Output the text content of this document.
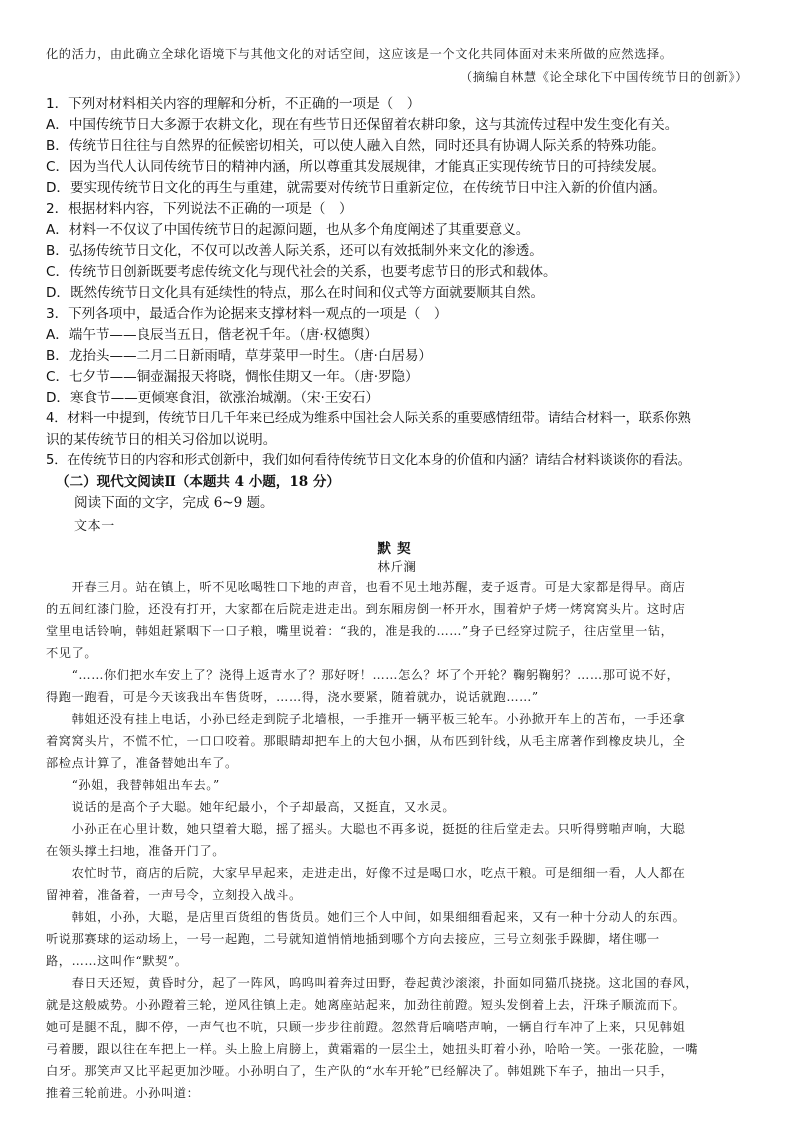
化的活力，由此确立全球化语境下与其他文化的对话空间，这应该是一个文化共同体面对未来所做的应然选择。
（摘编自林慧《论全球化下中国传统节日的创新》）
1．下列对材料相关内容的理解和分析，不正确的一项是（　）
A．中国传统节日大多源于农耕文化，现在有些节日还保留着农耕印象，这与其流传过程中发生变化有关。
B．传统节日往往与自然界的征候密切相关，可以使人融入自然，同时还具有协调人际关系的特殊功能。
C．因为当代人认同传统节日的精神内涵，所以尊重其发展规律，才能真正实现传统节日的可持续发展。
D．要实现传统节日文化的再生与重建，就需要对传统节日重新定位，在传统节日中注入新的价值内涵。
2．根据材料内容，下列说法不正确的一项是（　）
A．材料一不仅议了中国传统节日的起源问题，也从多个角度阐述了其重要意义。
B．弘扬传统节日文化，不仅可以改善人际关系，还可以有效抵制外来文化的渗透。
C．传统节日创新既要考虑传统文化与现代社会的关系，也要考虑节日的形式和载体。
D．既然传统节日文化具有延续性的特点，那么在时间和仪式等方面就要顺其自然。
3．下列各项中，最适合作为论据来支撑材料一观点的一项是（　）
A．端午节——良辰当五日，偕老祝千年。（唐·权德舆）
B．龙抬头——二月二日新雨晴，草芽菜甲一时生。（唐·白居易）
C．七夕节——铜壶漏报天将晓，惆怅佳期又一年。（唐·罗隐）
D．寒食节——更倾寒食泪，欲涨治城潮。（宋·王安石）
4．材料一中提到，传统节日几千年来已经成为维系中国社会人际关系的重要感情纽带。请结合材料一，联系你熟
识的某传统节日的相关习俗加以说明。
5．在传统节日的内容和形式创新中，我们如何看待传统节日文化本身的价值和内涵？请结合材料谈谈你的看法。
（二）现代文阅读Ⅱ（本题共 4 小题，18 分）
阅读下面的文字，完成 6~9 题。
文本一
默契
林斤澜
　　开春三月。站在镇上，听不见吆喝牲口下地的声音，也看不见土地苏醒，麦子返青。可是大家都是得早。商店
的五间红漆门脸，还没有打开，大家都在后院走进走出。到东厢房倒一杯开水，围着炉子烤一烤窝窝头片。这时店
堂里电话铃响，韩姐赶紧咽下一口子粮，嘴里说着：“我的，准是我的……”身子已经穿过院子，往店堂里一钻，
不见了。
　　“……你们把水车安上了？浇得上返青水了？那好呀！……怎么？坏了个开轮？鞠躬鞠躬？……那可说不好，
得跑一跑看，可是今天该我出车售货呀，……得，浇水要紧，随着就办，说话就跑……”
　　韩姐还没有挂上电话，小孙已经走到院子北墙根，一手推开一辆平板三轮车。小孙掀开车上的苫布，一手还拿
着窝窝头片，不慌不忙，一口口咬着。那眼睛却把车上的大包小捆，从布匹到针线，从毛主席著作到橡皮块儿，全
部检点计算了，准备替她出车了。
　　“孙姐，我替韩姐出车去。”
　　说话的是高个子大聪。她年纪最小，个子却最高，又挺直，又水灵。
　　小孙正在心里计数，她只望着大聪，摇了摇头。大聪也不再多说，挺挺的往后堂走去。只听得劈啪声响，大聪
在领头撑土扫地，准备开门了。
　　农忙时节，商店的后院，大家早早起来，走进走出，好像不过是喝口水，吃点干粮。可是细细一看，人人都在
留神着，准备着，一声号令，立刻投入战斗。
　　韩姐，小孙，大聪，是店里百货组的售货员。她们三个人中间，如果细细看起来，又有一种十分动人的东西。
听说那赛球的运动场上，一号一起跑，二号就知道悄悄地插到哪个方向去接应，三号立刻张手跺脚，堵住哪一
路，……这叫作“默契”。
　　春日天还短，黄昏时分，起了一阵风，呜呜叫着奔过田野，卷起黄沙滚滚，扑面如同猫爪挠挠。这北国的春风，
就是这般威势。小孙蹬着三轮，逆风往镇上走。她离座站起来，加劲往前蹬。短头发倒着上去，汗珠子顺流而下。
她可是腿不乱，脚不停，一声气也不吭，只顾一步步往前蹬。忽然背后嘀嗒声响，一辆自行车冲了上来，只见韩姐
弓着腰，跟以往在车把上一样。头上脸上肩膀上，黄霜霜的一层尘土，她扭头盯着小孙，哈哈一笑。一张花脸，一嘴
白牙。那笑声又比平起更加沙哑。小孙明白了，生产队的“水车开轮”已经解决了。韩姐跳下车子，抽出一只手，
推着三轮前进。小孙叫道：
